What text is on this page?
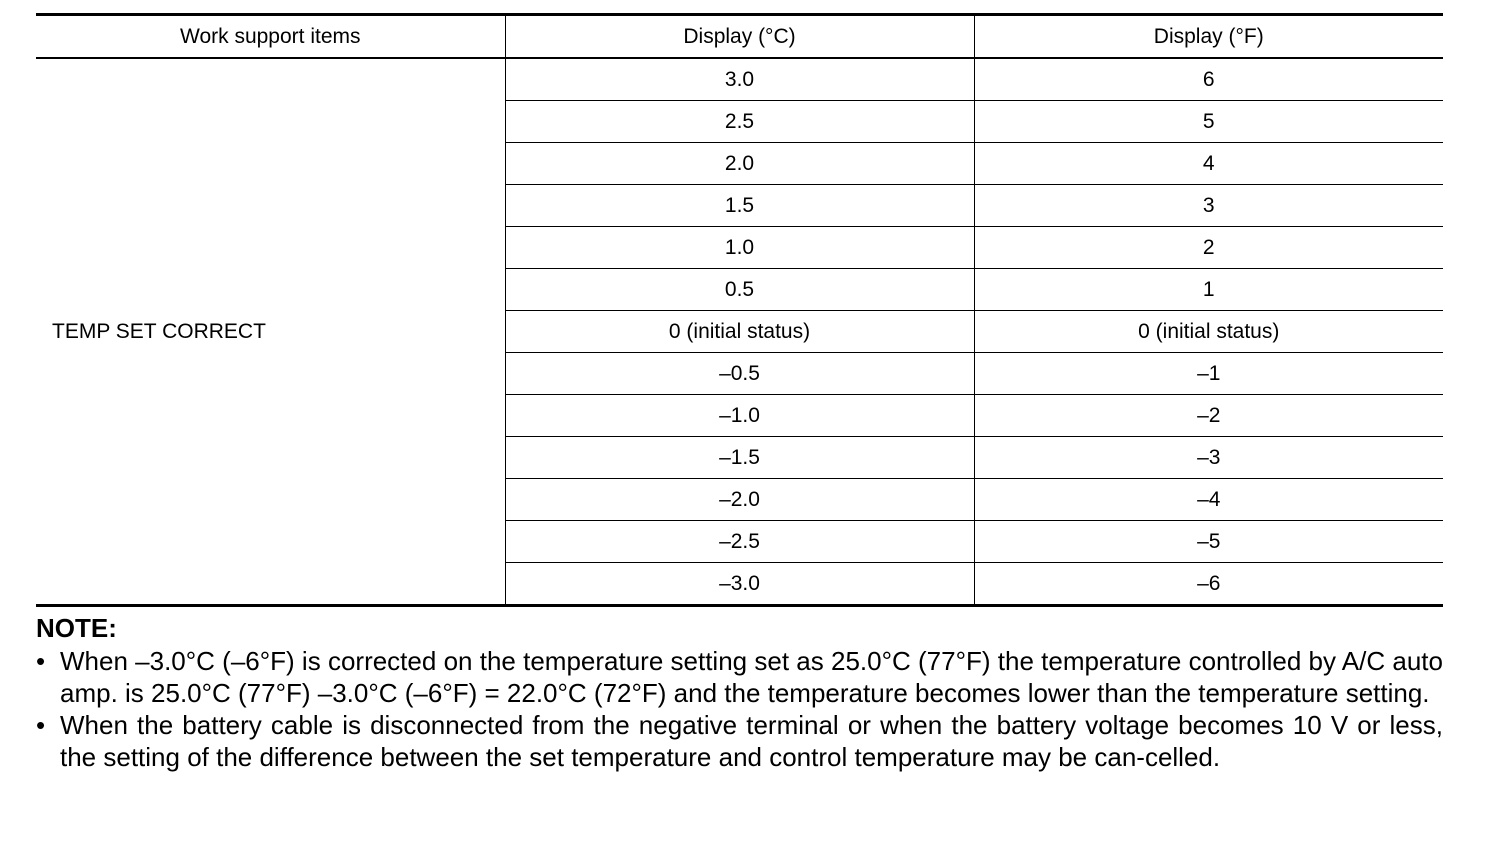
Work support items	Display (°C)	Display (°F)
TEMP SET CORRECT	3.0	6
	2.5	5
	2.0	4
	1.5	3
	1.0	2
	0.5	1
	0 (initial status)	0 (initial status)
	–0.5	–1
	–1.0	–2
	–1.5	–3
	–2.0	–4
	–2.5	–5
	–3.0	–6
NOTE:
• When –3.0°C (–6°F) is corrected on the temperature setting set as 25.0°C (77°F) the temperature controlled by A/C auto amp. is 25.0°C (77°F) –3.0°C (–6°F) = 22.0°C (72°F) and the temperature becomes lower than the temperature setting.
• When the battery cable is disconnected from the negative terminal or when the battery voltage becomes 10 V or less, the setting of the difference between the set temperature and control temperature may be can-celled.
